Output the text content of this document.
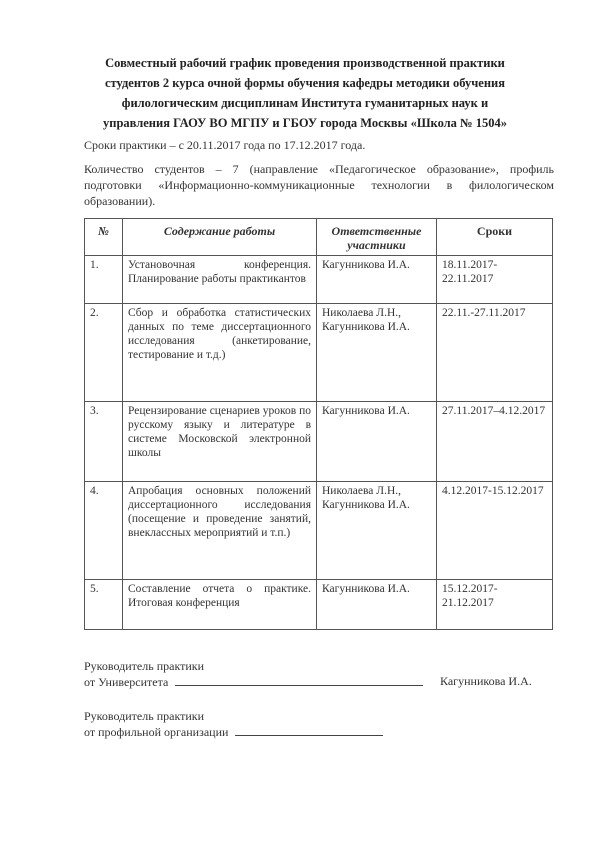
Совместный рабочий график проведения производственной практики
студентов 2 курса очной формы обучения кафедры методики обучения
филологическим дисциплинам Института гуманитарных наук и
управления ГАОУ ВО МГПУ и ГБОУ города Москвы «Школа № 1504»
Сроки практики – с 20.11.2017 года по 17.12.2017 года.
Количество студентов – 7 (направление «Педагогическое образование», профиль подготовки «Информационно-коммуникационные технологии в филологическом образовании).
№	Содержание работы	Ответственные участники	Сроки
1.	Установочная конференция. Планирование работы практикантов	Кагунникова И.А.	18.11.2017-22.11.2017
2.	Сбор и обработка статистических данных по теме диссертационного исследования (анкетирование, тестирование и т.д.)	Николаева Л.Н., Кагунникова И.А.	22.11.-27.11.2017
3.	Рецензирование сценариев уроков по русскому языку и литературе в системе Московской электронной школы	Кагунникова И.А.	27.11.2017–4.12.2017
4.	Апробация основных положений диссертационного исследования (посещение и проведение занятий, внеклассных мероприятий и т.п.)	Николаева Л.Н., Кагунникова И.А.	4.12.2017-15.12.2017
5.	Составление отчета о практике. Итоговая конференция	Кагунникова И.А.	15.12.2017-21.12.2017
Руководитель практики
от Университета	Кагунникова И.А.
Руководитель практики
от профильной организации
